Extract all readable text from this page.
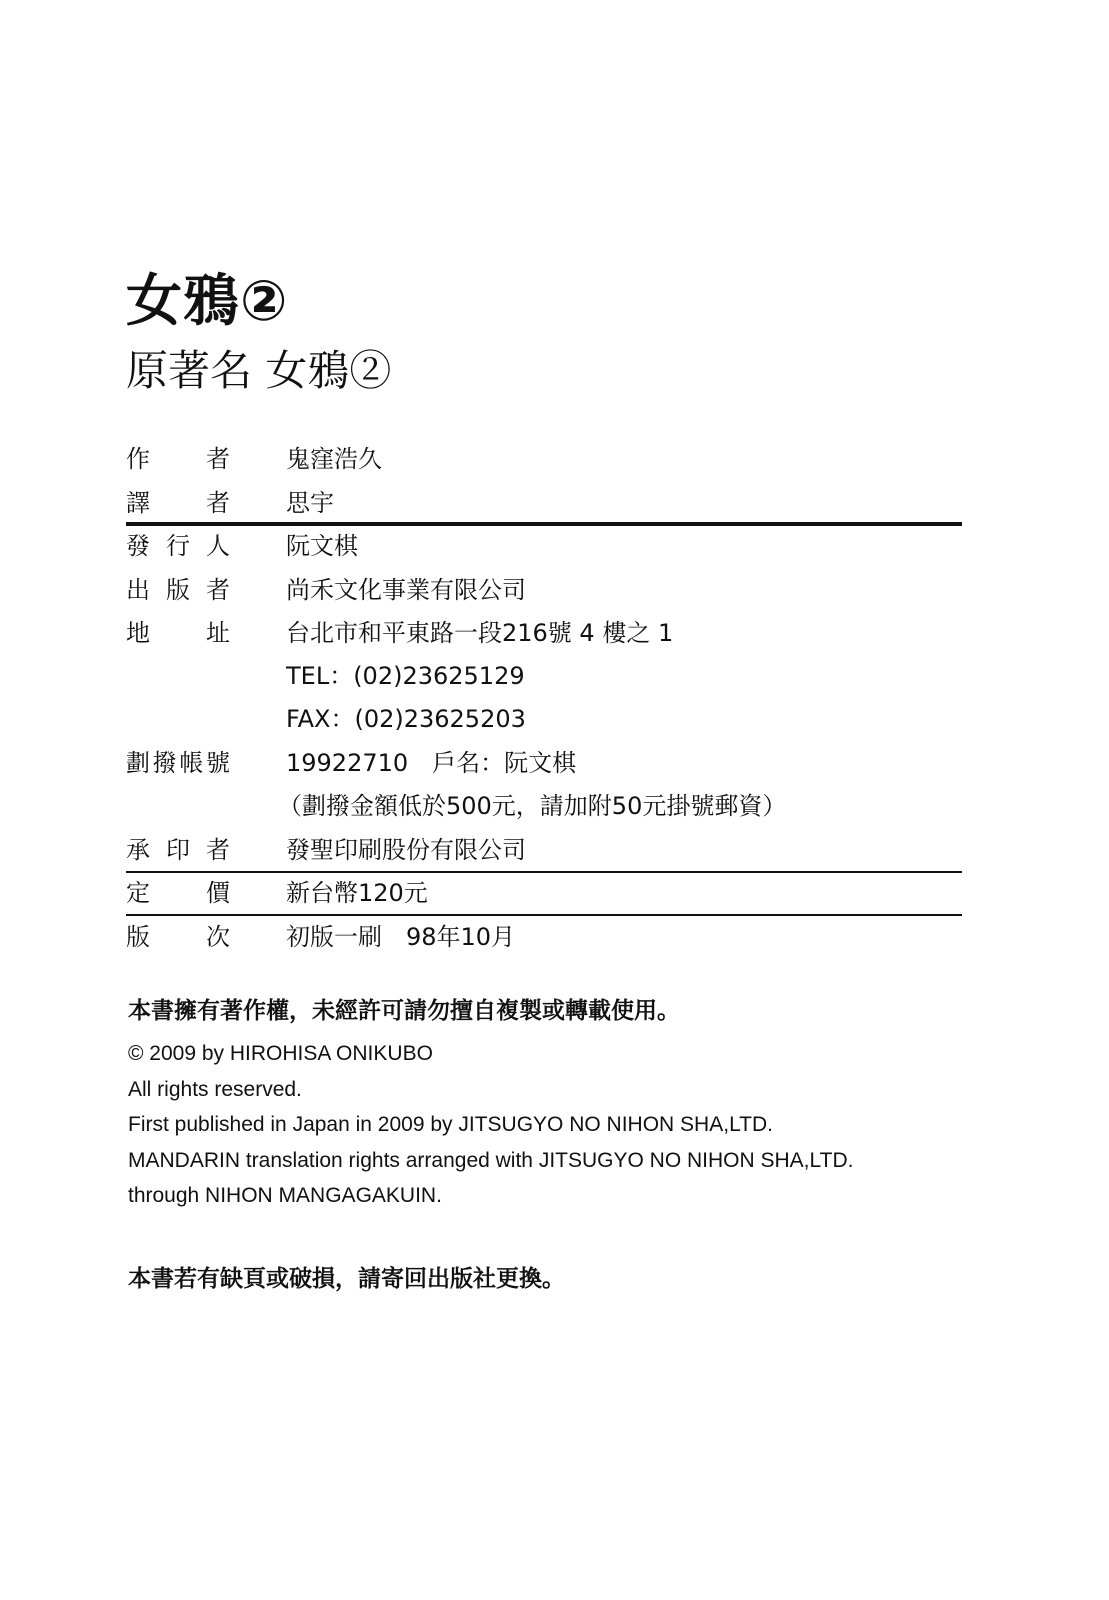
女鴉②
原著名 女鴉②
作 者 鬼窪浩久
譯 者 思宇
發 行 人 阮文棋
出 版 者 尚禾文化事業有限公司
地 址 台北市和平東路一段216號 4 樓之 1
TEL：(02)23625129
FAX：(02)23625203
劃 撥 帳 號 19922710　戶名：阮文棋
（劃撥金額低於500元，請加附50元掛號郵資）
承 印 者 發聖印刷股份有限公司
定 價 新台幣120元
版 次 初版一刷　98年10月
本書擁有著作權，未經許可請勿擅自複製或轉載使用。
© 2009 by HIROHISA ONIKUBO
All rights reserved.
First published in Japan in 2009 by JITSUGYO NO NIHON SHA,LTD.
MANDARIN translation rights arranged with JITSUGYO NO NIHON SHA,LTD.
through NIHON MANGAGAKUIN.
本書若有缺頁或破損，請寄回出版社更換。
